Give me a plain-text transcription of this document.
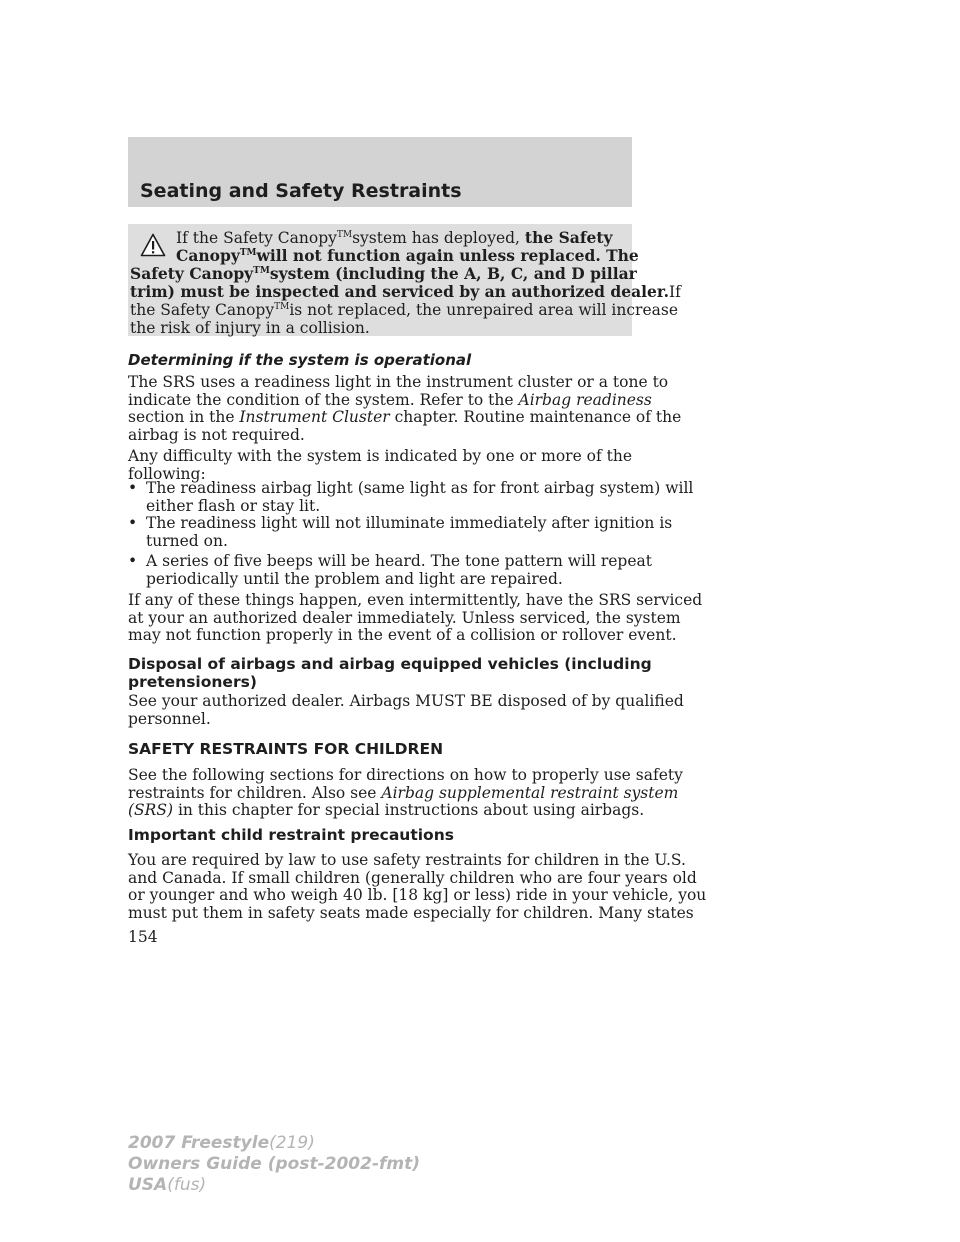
Seating and Safety Restraints
If the Safety Canopy™system has deployed, the Safety
Canopy™will not function again unless replaced. The
Safety Canopy™system (including the A, B, C, and D pillar
trim) must be inspected and serviced by an authorized dealer.If
the Safety Canopy™is not replaced, the unrepaired area will increase
the risk of injury in a collision.
Determining if the system is operational
The SRS uses a readiness light in the instrument cluster or a tone to
indicate the condition of the system. Refer to the Airbag readiness
section in the Instrument Cluster chapter. Routine maintenance of the
airbag is not required.
Any difficulty with the system is indicated by one or more of the
following:
• The readiness airbag light (same light as for front airbag system) will
either flash or stay lit.
• The readiness light will not illuminate immediately after ignition is
turned on.
• A series of five beeps will be heard. The tone pattern will repeat
periodically until the problem and light are repaired.
If any of these things happen, even intermittently, have the SRS serviced
at your an authorized dealer immediately. Unless serviced, the system
may not function properly in the event of a collision or rollover event.
Disposal of airbags and airbag equipped vehicles (including
pretensioners)
See your authorized dealer. Airbags MUST BE disposed of by qualified
personnel.
SAFETY RESTRAINTS FOR CHILDREN
See the following sections for directions on how to properly use safety
restraints for children. Also see Airbag supplemental restraint system
(SRS) in this chapter for special instructions about using airbags.
Important child restraint precautions
You are required by law to use safety restraints for children in the U.S.
and Canada. If small children (generally children who are four years old
or younger and who weigh 40 lb. [18 kg] or less) ride in your vehicle, you
must put them in safety seats made especially for children. Many states
154
2007 Freestyle(219)
Owners Guide (post-2002-fmt)
USA(fus)
